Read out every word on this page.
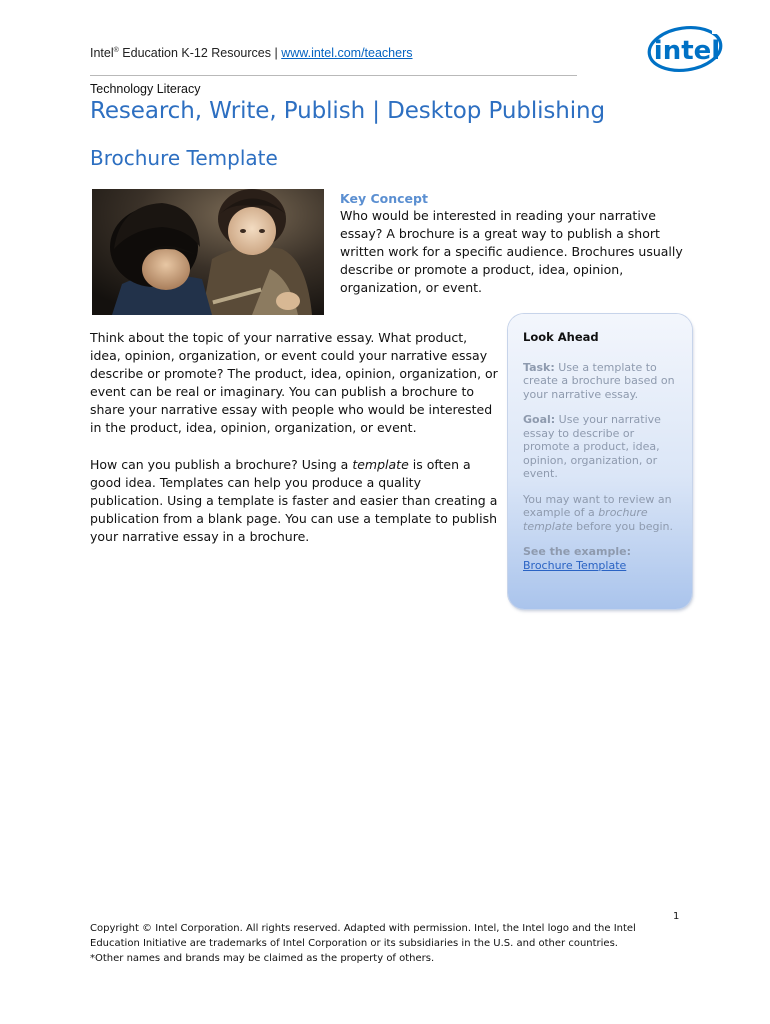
Intel® Education K-12 Resources | www.intel.com/teachers	intel
Technology Literacy
Research, Write, Publish | Desktop Publishing
Brochure Template
Key Concept
Who would be interested in reading your narrative essay? A brochure is a great way to publish a short written work for a specific audience. Brochures usually describe or promote a product, idea, opinion, organization, or event.

Think about the topic of your narrative essay. What product, idea, opinion, organization, or event could your narrative essay describe or promote? The product, idea, opinion, organization, or event can be real or imaginary. You can publish a brochure to share your narrative essay with people who would be interested in the product, idea, opinion, organization, or event.

How can you publish a brochure? Using a template is often a good idea. Templates can help you produce a quality publication. Using a template is faster and easier than creating a publication from a blank page. You can use a template to publish your narrative essay in a brochure.

Look Ahead

Task: Use a template to create a brochure based on your narrative essay.

Goal: Use your narrative essay to describe or promote a product, idea, opinion, organization, or event.

You may want to review an example of a brochure template before you begin.

See the example:
Brochure Template

1
Copyright © Intel Corporation. All rights reserved. Adapted with permission. Intel, the Intel logo and the Intel
Education Initiative are trademarks of Intel Corporation or its subsidiaries in the U.S. and other countries.
*Other names and brands may be claimed as the property of others.
